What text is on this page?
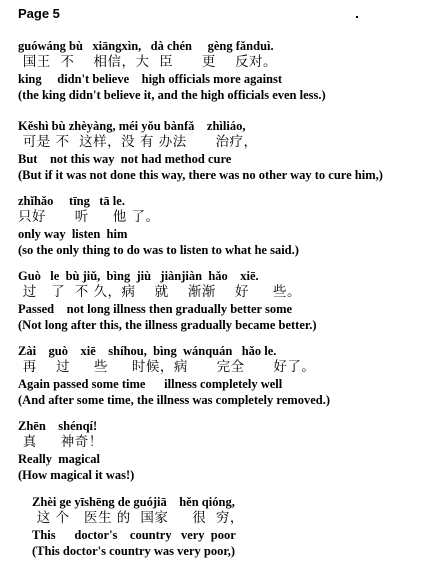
Page 5
guówáng bù   xiāngxìn,   dà chén     gèng fǎnduì.
国王  不    相信，大  臣      更    反对。
king     didn't believe    high officials more against
(the king didn't believe it, and the high officials even less.)
Kěshì bù zhèyàng, méi yǒu bànfǎ    zhìliáo,
可是 不  这样，没 有 办法      治疗，
But    not this way  not had method cure
(But if it was not done this way, there was no other way to cure him,)
zhǐhǎo     tīng   tā le.
只好      听     他 了。
only way  listen  him
(so the only thing to do was to listen to what he said.)
Guò   le  bù jiǔ,  bìng  jiù   jiànjiàn  hǎo    xiē.
过   了  不 久，病    就    渐渐    好     些。
Passed    not long illness then gradually better some
(Not long after this, the illness gradually became better.)
Zài    guò    xiē    shíhou,  bìng  wánquán   hǎo le.
再    过     些     时候，病      完全      好了。
Again passed some time      illness completely well
(And after some time, the illness was completely removed.)
Zhēn    shénqí!
真     神奇！
Really  magical
(How magical it was!)
Zhèi ge yīshēng de guójiā    hěn qióng,
这 个   医生 的  国家     很  穷，
This      doctor's    country   very  poor
(This doctor's country was very poor,)
